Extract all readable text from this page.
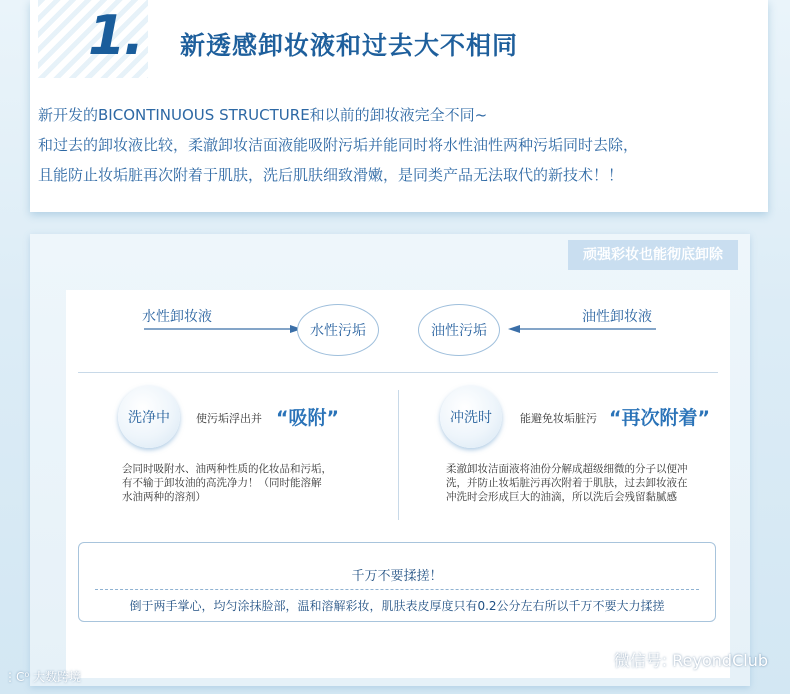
1. 新透感卸妆液和过去大不相同
新开发的BICONTINUOUS STRUCTURE和以前的卸妆液完全不同~
和过去的卸妆液比较，柔澈卸妆洁面液能吸附污垢并能同时将水性油性两种污垢同时去除，
且能防止妆垢脏再次附着于肌肤，洗后肌肤细致滑嫩，是同类产品无法取代的新技术！！
顽强彩妆也能彻底卸除
水性卸妆液
水性污垢	油性污垢
油性卸妆液
洗净中	使污垢浮出并 “吸附”
会同时吸附水、油两种性质的化妆品和污垢，
有不输于卸妆油的高洗净力！（同时能溶解
水油两种的溶剂）
冲洗时	能避免妆垢脏污 “再次附着”
柔澈卸妆洁面液将油份分解成超级细微的分子以便冲
洗，并防止妆垢脏污再次附着于肌肤，过去卸妆液在
冲洗时会形成巨大的油滴，所以洗后会残留黏腻感
千万不要揉搓！
倒于两手掌心，均匀涂抹脸部，温和溶解彩妆，肌肤表皮厚度只有0.2公分左右所以千万不要大力揉搓
微信号: ReyondClub
⋮C⁰ 大数跨境
